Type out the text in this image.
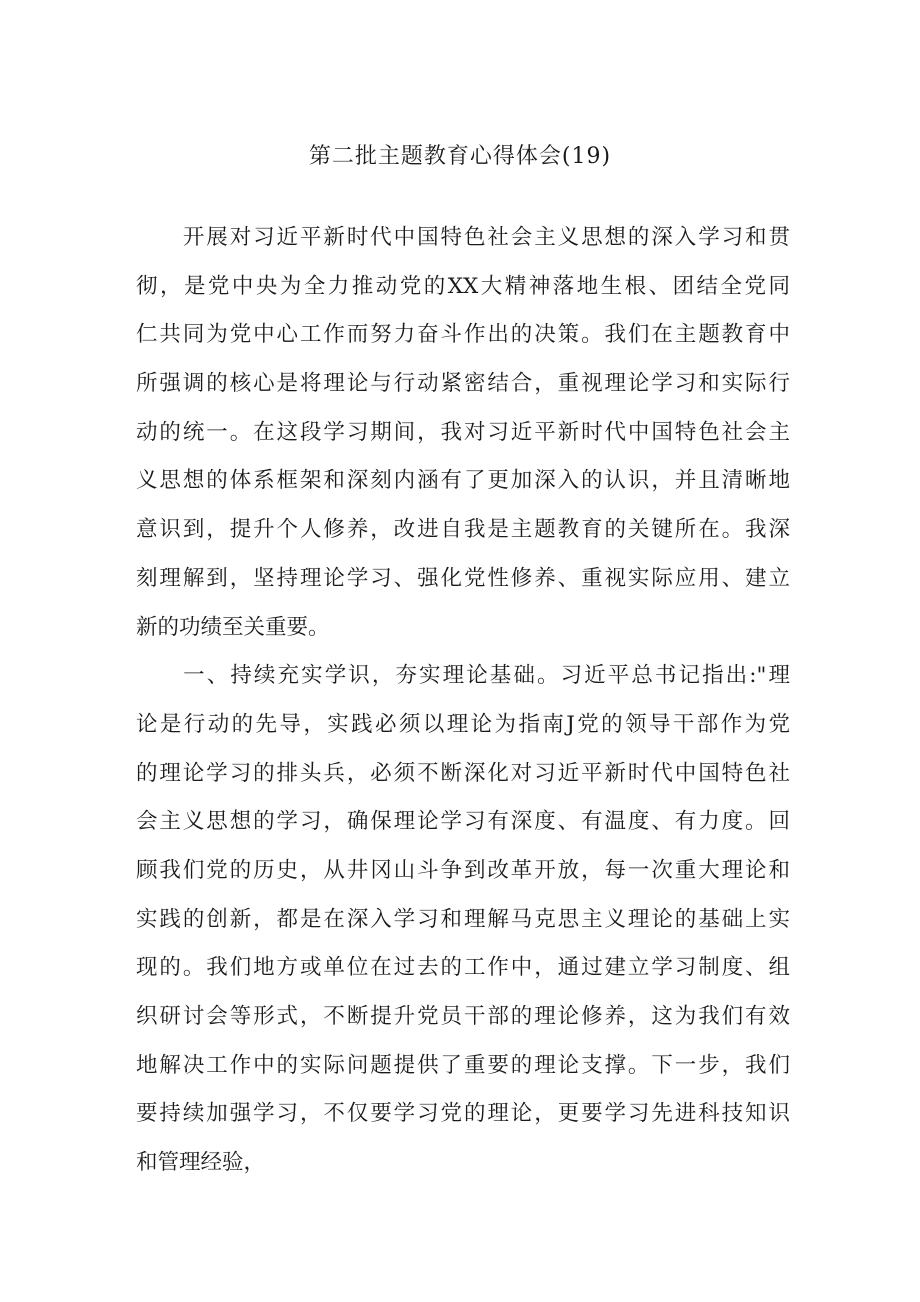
第二批主题教育心得体会(19)
　　开展对习近平新时代中国特色社会主义思想的深入学习和贯
彻，是党中央为全力推动党的XX大精神落地生根、团结全党同
仁共同为党中心工作而努力奋斗作出的决策。我们在主题教育中
所强调的核心是将理论与行动紧密结合，重视理论学习和实际行
动的统一。在这段学习期间，我对习近平新时代中国特色社会主
义思想的体系框架和深刻内涵有了更加深入的认识，并且清晰地
意识到，提升个人修养，改进自我是主题教育的关键所在。我深
刻理解到，坚持理论学习、强化党性修养、重视实际应用、建立
新的功绩至关重要。
　　一、持续充实学识，夯实理论基础。习近平总书记指出:"理
论是行动的先导，实践必须以理论为指南J党的领导干部作为党
的理论学习的排头兵，必须不断深化对习近平新时代中国特色社
会主义思想的学习，确保理论学习有深度、有温度、有力度。回
顾我们党的历史，从井冈山斗争到改革开放，每一次重大理论和
实践的创新，都是在深入学习和理解马克思主义理论的基础上实
现的。我们地方或单位在过去的工作中，通过建立学习制度、组
织研讨会等形式，不断提升党员干部的理论修养，这为我们有效
地解决工作中的实际问题提供了重要的理论支撑。下一步，我们
要持续加强学习，不仅要学习党的理论，更要学习先进科技知识
和管理经验，
